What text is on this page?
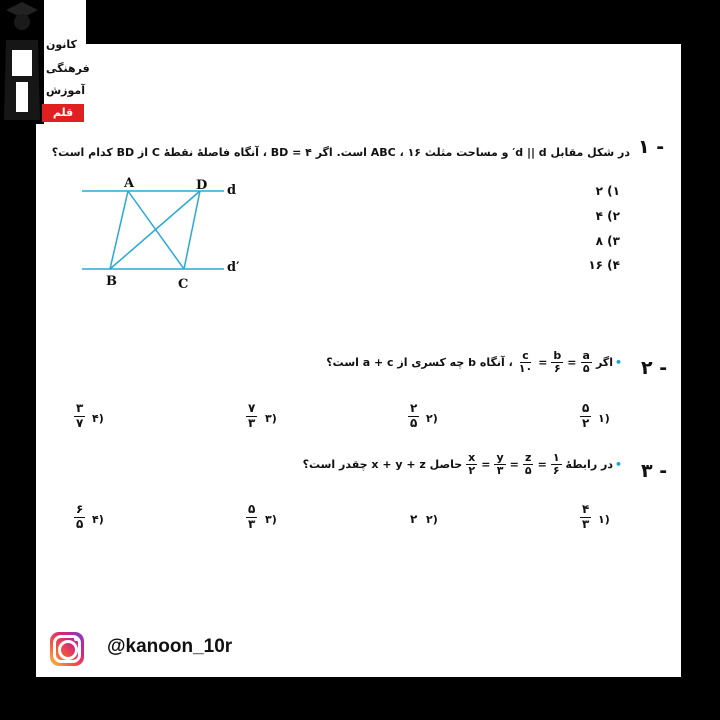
کانون
فرهنگی
آموزش
قلم چی
۱ -
در شکل مقابل d || d′ و مساحت مثلث ABC ، ۱۶ است. اگر ۴ = BD ، آنگاه فاصلهٔ نقطهٔ C از BD کدام است؟
A	D
B	C
d
d′
۱) ۲
۲) ۴
۳) ۸
۴) ۱۶
۲ -
•
اگر
$\frac{a}{۵}$
=
$\frac{b}{۶}$
=
$\frac{c}{۱۰}$
، آنگاه b چه کسری از a + c است؟
۱)
۵
۲
۲)
۲
۵
۳)
۷
۳
۴)
۳
۷
۳ -
•
در رابطهٔ
$\frac{۱}{۶}$
=
$\frac{z}{۵}$
=
$\frac{y}{۳}$
=
$\frac{x}{۲}$
حاصل x + y + z چقدر است؟
۱)
۴
۳
۲)
۲
۳)
۵
۳
۴)
۶
۵
@kanoon_10r
